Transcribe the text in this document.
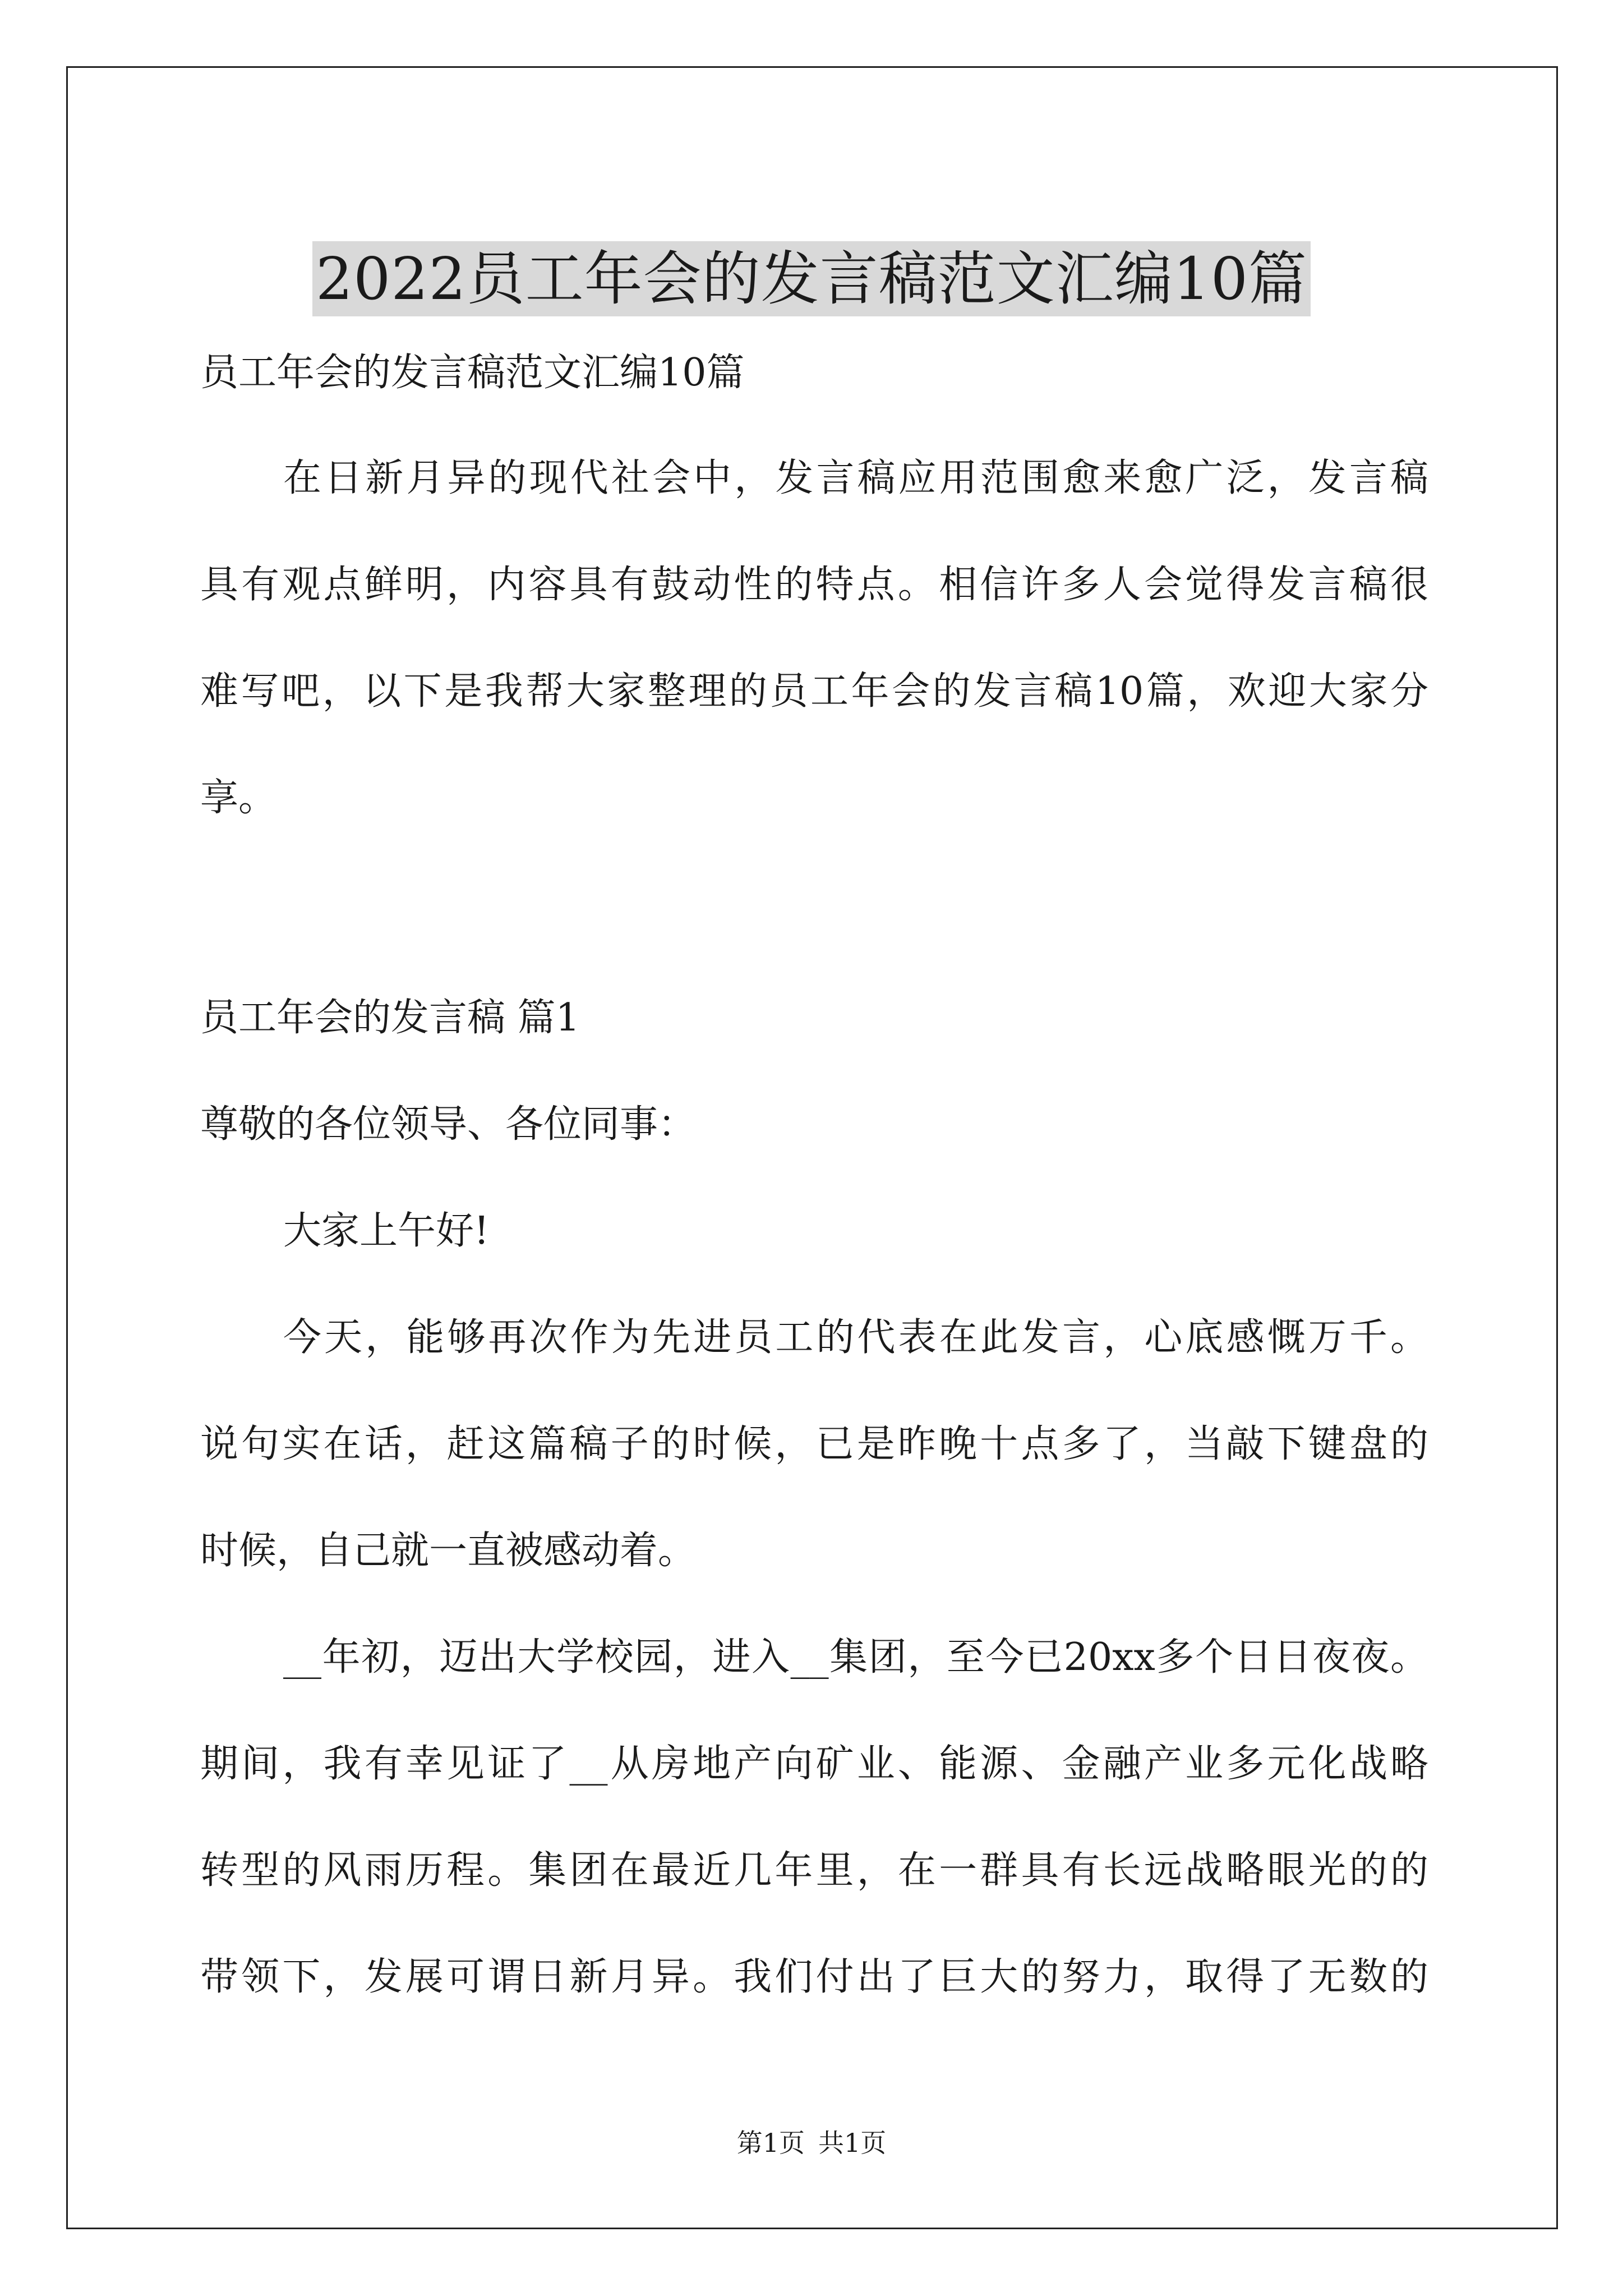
2022员工年会的发言稿范文汇编10篇
员工年会的发言稿范文汇编10篇
在日新月异的现代社会中，发言稿应用范围愈来愈广泛，发言稿
具有观点鲜明，内容具有鼓动性的特点。相信许多人会觉得发言稿很
难写吧，以下是我帮大家整理的员工年会的发言稿10篇，欢迎大家分
享。
员工年会的发言稿 篇1
尊敬的各位领导、各位同事：
大家上午好!
今天，能够再次作为先进员工的代表在此发言，心底感慨万千。
说句实在话，赶这篇稿子的时候，已是昨晚十点多了，当敲下键盘的
时候，自己就一直被感动着。
__年初，迈出大学校园，进入__集团，至今已20xx多个日日夜夜。
期间，我有幸见证了__从房地产向矿业、能源、金融产业多元化战略
转型的风雨历程。集团在最近几年里，在一群具有长远战略眼光的的
带领下，发展可谓日新月异。我们付出了巨大的努力，取得了无数的
第1页 共1页
